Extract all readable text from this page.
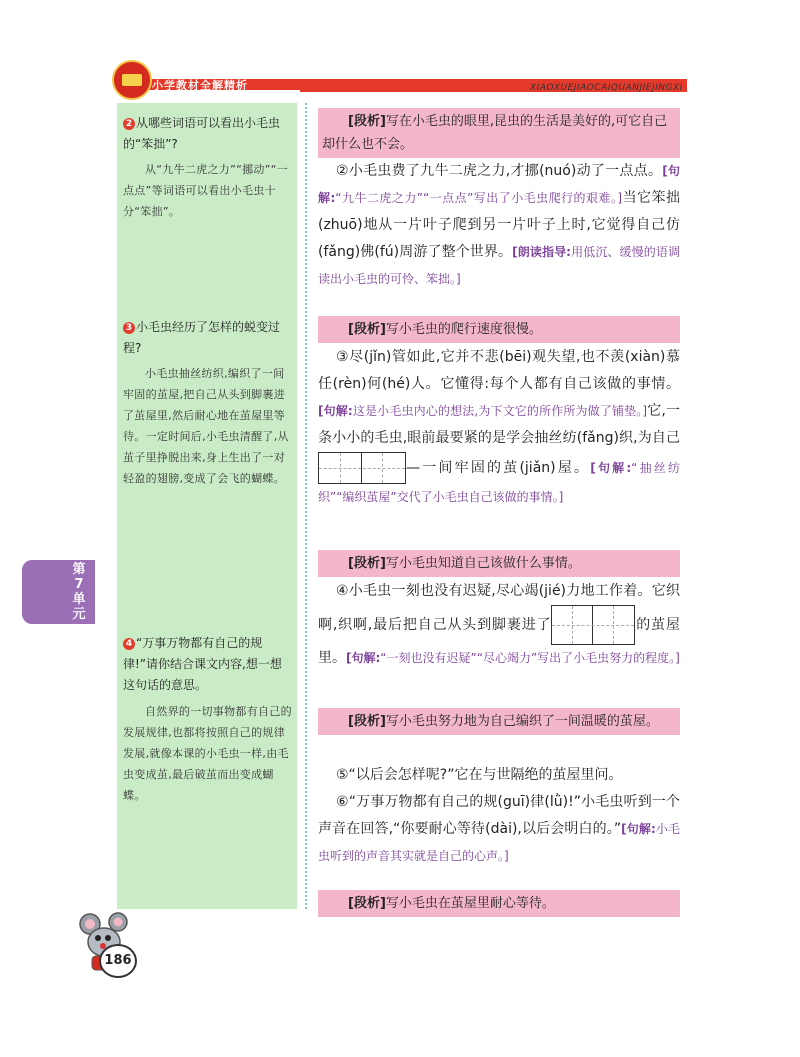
小学教材全解精析	XIAOXUEJIAOCAIQUANJIEJINGXI
2 从哪些词语可以看出小毛虫的“笨拙”?
从“九牛二虎之力”“挪动”“一点点”等词语可以看出小毛虫十分“笨拙”。
3 小毛虫经历了怎样的蜕变过程?
小毛虫抽丝纺织,编织了一间牢固的茧屋,把自己从头到脚裹进了茧屋里,然后耐心地在茧屋里等待。一定时间后,小毛虫清醒了,从茧子里挣脱出来,身上生出了一对轻盈的翅膀,变成了会飞的蝴蝶。
4 “万事万物都有自己的规律!”请你结合课文内容,想一想这句话的意思。
自然界的一切事物都有自己的发展规律,也都将按照自己的规律发展,就像本课的小毛虫一样,由毛虫变成茧,最后破茧而出变成蝴蝶。
第7单元
[段析]写在小毛虫的眼里,昆虫的生活是美好的,可它自己却什么也不会。
②小毛虫费了九牛二虎之力,才挪(nuó)动了一点点。[句解:“九牛二虎之力”“一点点”写出了小毛虫爬行的艰难。]当它笨拙(zhuō)地从一片叶子爬到另一片叶子上时,它觉得自己仿(fǎng)佛(fú)周游了整个世界。[朗读指导:用低沉、缓慢的语调读出小毛虫的可怜、笨拙。]
[段析]写小毛虫的爬行速度很慢。
③尽(jǐn)管如此,它并不悲(bēi)观失望,也不羡(xiàn)慕任(rèn)何(hé)人。它懂得:每个人都有自己该做的事情。[句解:这是小毛虫内心的想法,为下文它的所作所为做了铺垫。]它,一条小小的毛虫,眼前最要紧的是学会抽丝纺(fǎng)织,为自己
—一间牢固的茧(jiǎn)屋。[句解:“抽丝纺织”“编织茧屋”交代了小毛虫自己该做的事情。]
[段析]写小毛虫知道自己该做什么事情。
④小毛虫一刻也没有迟疑,尽心竭(jié)力地工作着。它织啊,织啊,最后把自己从头到脚裹进了	的茧屋里。[句解:“一刻也没有迟疑”“尽心竭力”写出了小毛虫努力的程度。]
[段析]写小毛虫努力地为自己编织了一间温暖的茧屋。
⑤“以后会怎样呢?”它在与世隔绝的茧屋里问。
⑥“万事万物都有自己的规(guī)律(lǜ)!”小毛虫听到一个声音在回答,“你要耐心等待(dài),以后会明白的。”[句解:小毛虫听到的声音其实就是自己的心声。]
[段析]写小毛虫在茧屋里耐心等待。
186
